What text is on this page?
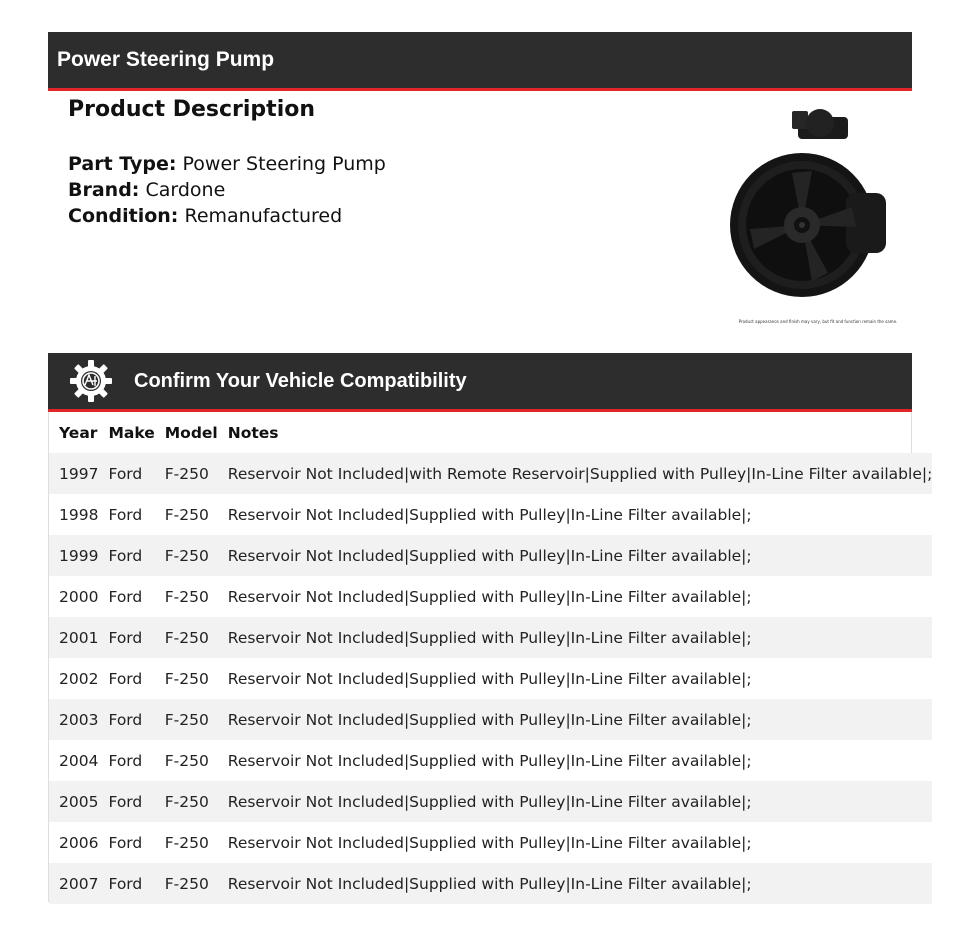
Power Steering Pump
Product Description
Part Type: Power Steering Pump
Brand: Cardone
Condition: Remanufactured
Product appearance and finish may vary, but fit and function remain the same.
Confirm Your Vehicle Compatibility
Year	Make	Model	Notes
1997	Ford	F-250	Reservoir Not Included|with Remote Reservoir|Supplied with Pulley|In-Line Filter available|;
1998	Ford	F-250	Reservoir Not Included|Supplied with Pulley|In-Line Filter available|;
1999	Ford	F-250	Reservoir Not Included|Supplied with Pulley|In-Line Filter available|;
2000	Ford	F-250	Reservoir Not Included|Supplied with Pulley|In-Line Filter available|;
2001	Ford	F-250	Reservoir Not Included|Supplied with Pulley|In-Line Filter available|;
2002	Ford	F-250	Reservoir Not Included|Supplied with Pulley|In-Line Filter available|;
2003	Ford	F-250	Reservoir Not Included|Supplied with Pulley|In-Line Filter available|;
2004	Ford	F-250	Reservoir Not Included|Supplied with Pulley|In-Line Filter available|;
2005	Ford	F-250	Reservoir Not Included|Supplied with Pulley|In-Line Filter available|;
2006	Ford	F-250	Reservoir Not Included|Supplied with Pulley|In-Line Filter available|;
2007	Ford	F-250	Reservoir Not Included|Supplied with Pulley|In-Line Filter available|;
